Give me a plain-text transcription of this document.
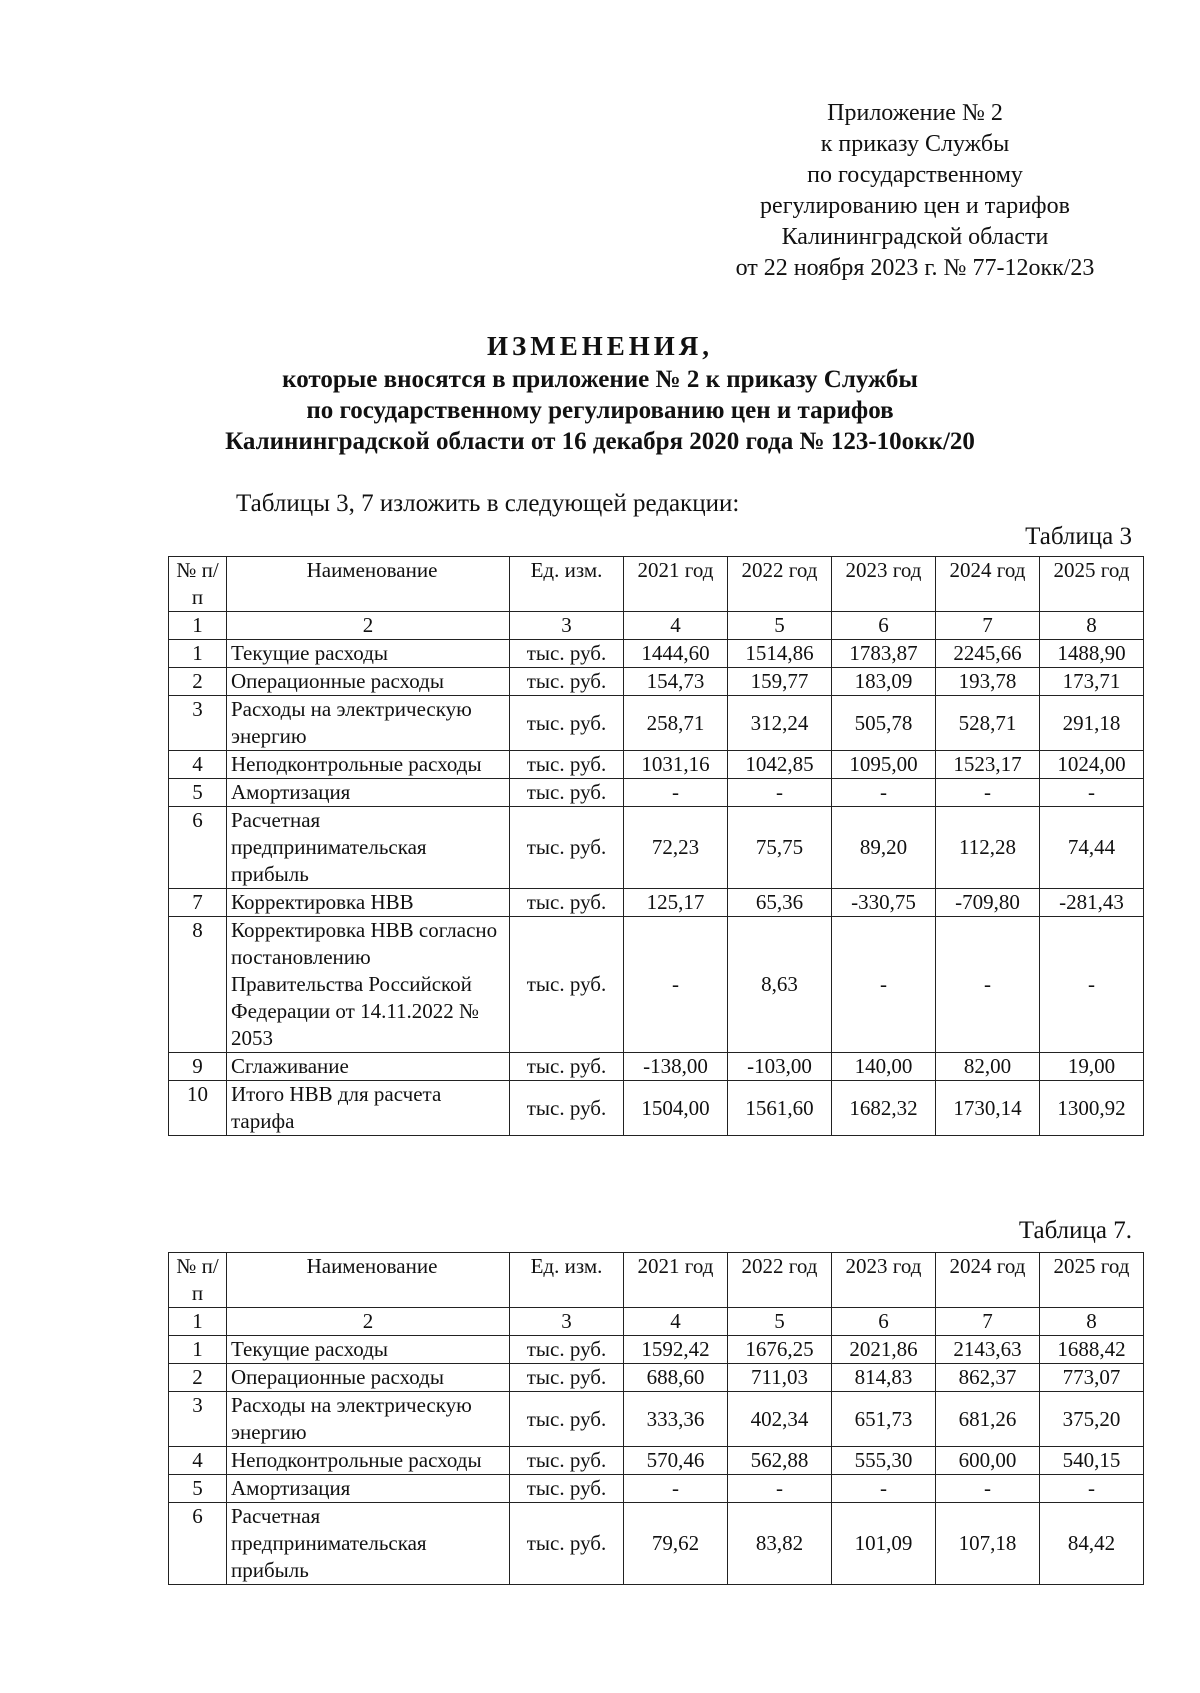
Приложение № 2
к приказу Службы
по государственному
регулированию цен и тарифов
Калининградской области
от 22 ноября 2023 г. № 77-12окк/23
ИЗМЕНЕНИЯ,
которые вносятся в приложение № 2 к приказу Службы
по государственному регулированию цен и тарифов
Калининградской области от 16 декабря 2020 года № 123-10окк/20
Таблицы 3, 7 изложить в следующей редакции:
Таблица 3
№ п/п	Наименование	Ед. изм.	2021 год	2022 год	2023 год	2024 год	2025 год
1	2	3	4	5	6	7	8
1	Текущие расходы	тыс. руб.	1444,60	1514,86	1783,87	2245,66	1488,90
2	Операционные расходы	тыс. руб.	154,73	159,77	183,09	193,78	173,71
3	Расходы на электрическую энергию	тыс. руб.	258,71	312,24	505,78	528,71	291,18
4	Неподконтрольные расходы	тыс. руб.	1031,16	1042,85	1095,00	1523,17	1024,00
5	Амортизация	тыс. руб.	-	-	-	-	-
6	Расчетная предпринимательская прибыль	тыс. руб.	72,23	75,75	89,20	112,28	74,44
7	Корректировка НВВ	тыс. руб.	125,17	65,36	-330,75	-709,80	-281,43
8	Корректировка НВВ согласно постановлению Правительства Российской Федерации от 14.11.2022 № 2053	тыс. руб.	-	8,63	-	-	-
9	Сглаживание	тыс. руб.	-138,00	-103,00	140,00	82,00	19,00
10	Итого НВВ для расчета тарифа	тыс. руб.	1504,00	1561,60	1682,32	1730,14	1300,92
Таблица 7.
№ п/п	Наименование	Ед. изм.	2021 год	2022 год	2023 год	2024 год	2025 год
1	2	3	4	5	6	7	8
1	Текущие расходы	тыс. руб.	1592,42	1676,25	2021,86	2143,63	1688,42
2	Операционные расходы	тыс. руб.	688,60	711,03	814,83	862,37	773,07
3	Расходы на электрическую энергию	тыс. руб.	333,36	402,34	651,73	681,26	375,20
4	Неподконтрольные расходы	тыс. руб.	570,46	562,88	555,30	600,00	540,15
5	Амортизация	тыс. руб.	-	-	-	-	-
6	Расчетная предпринимательская прибыль	тыс. руб.	79,62	83,82	101,09	107,18	84,42
